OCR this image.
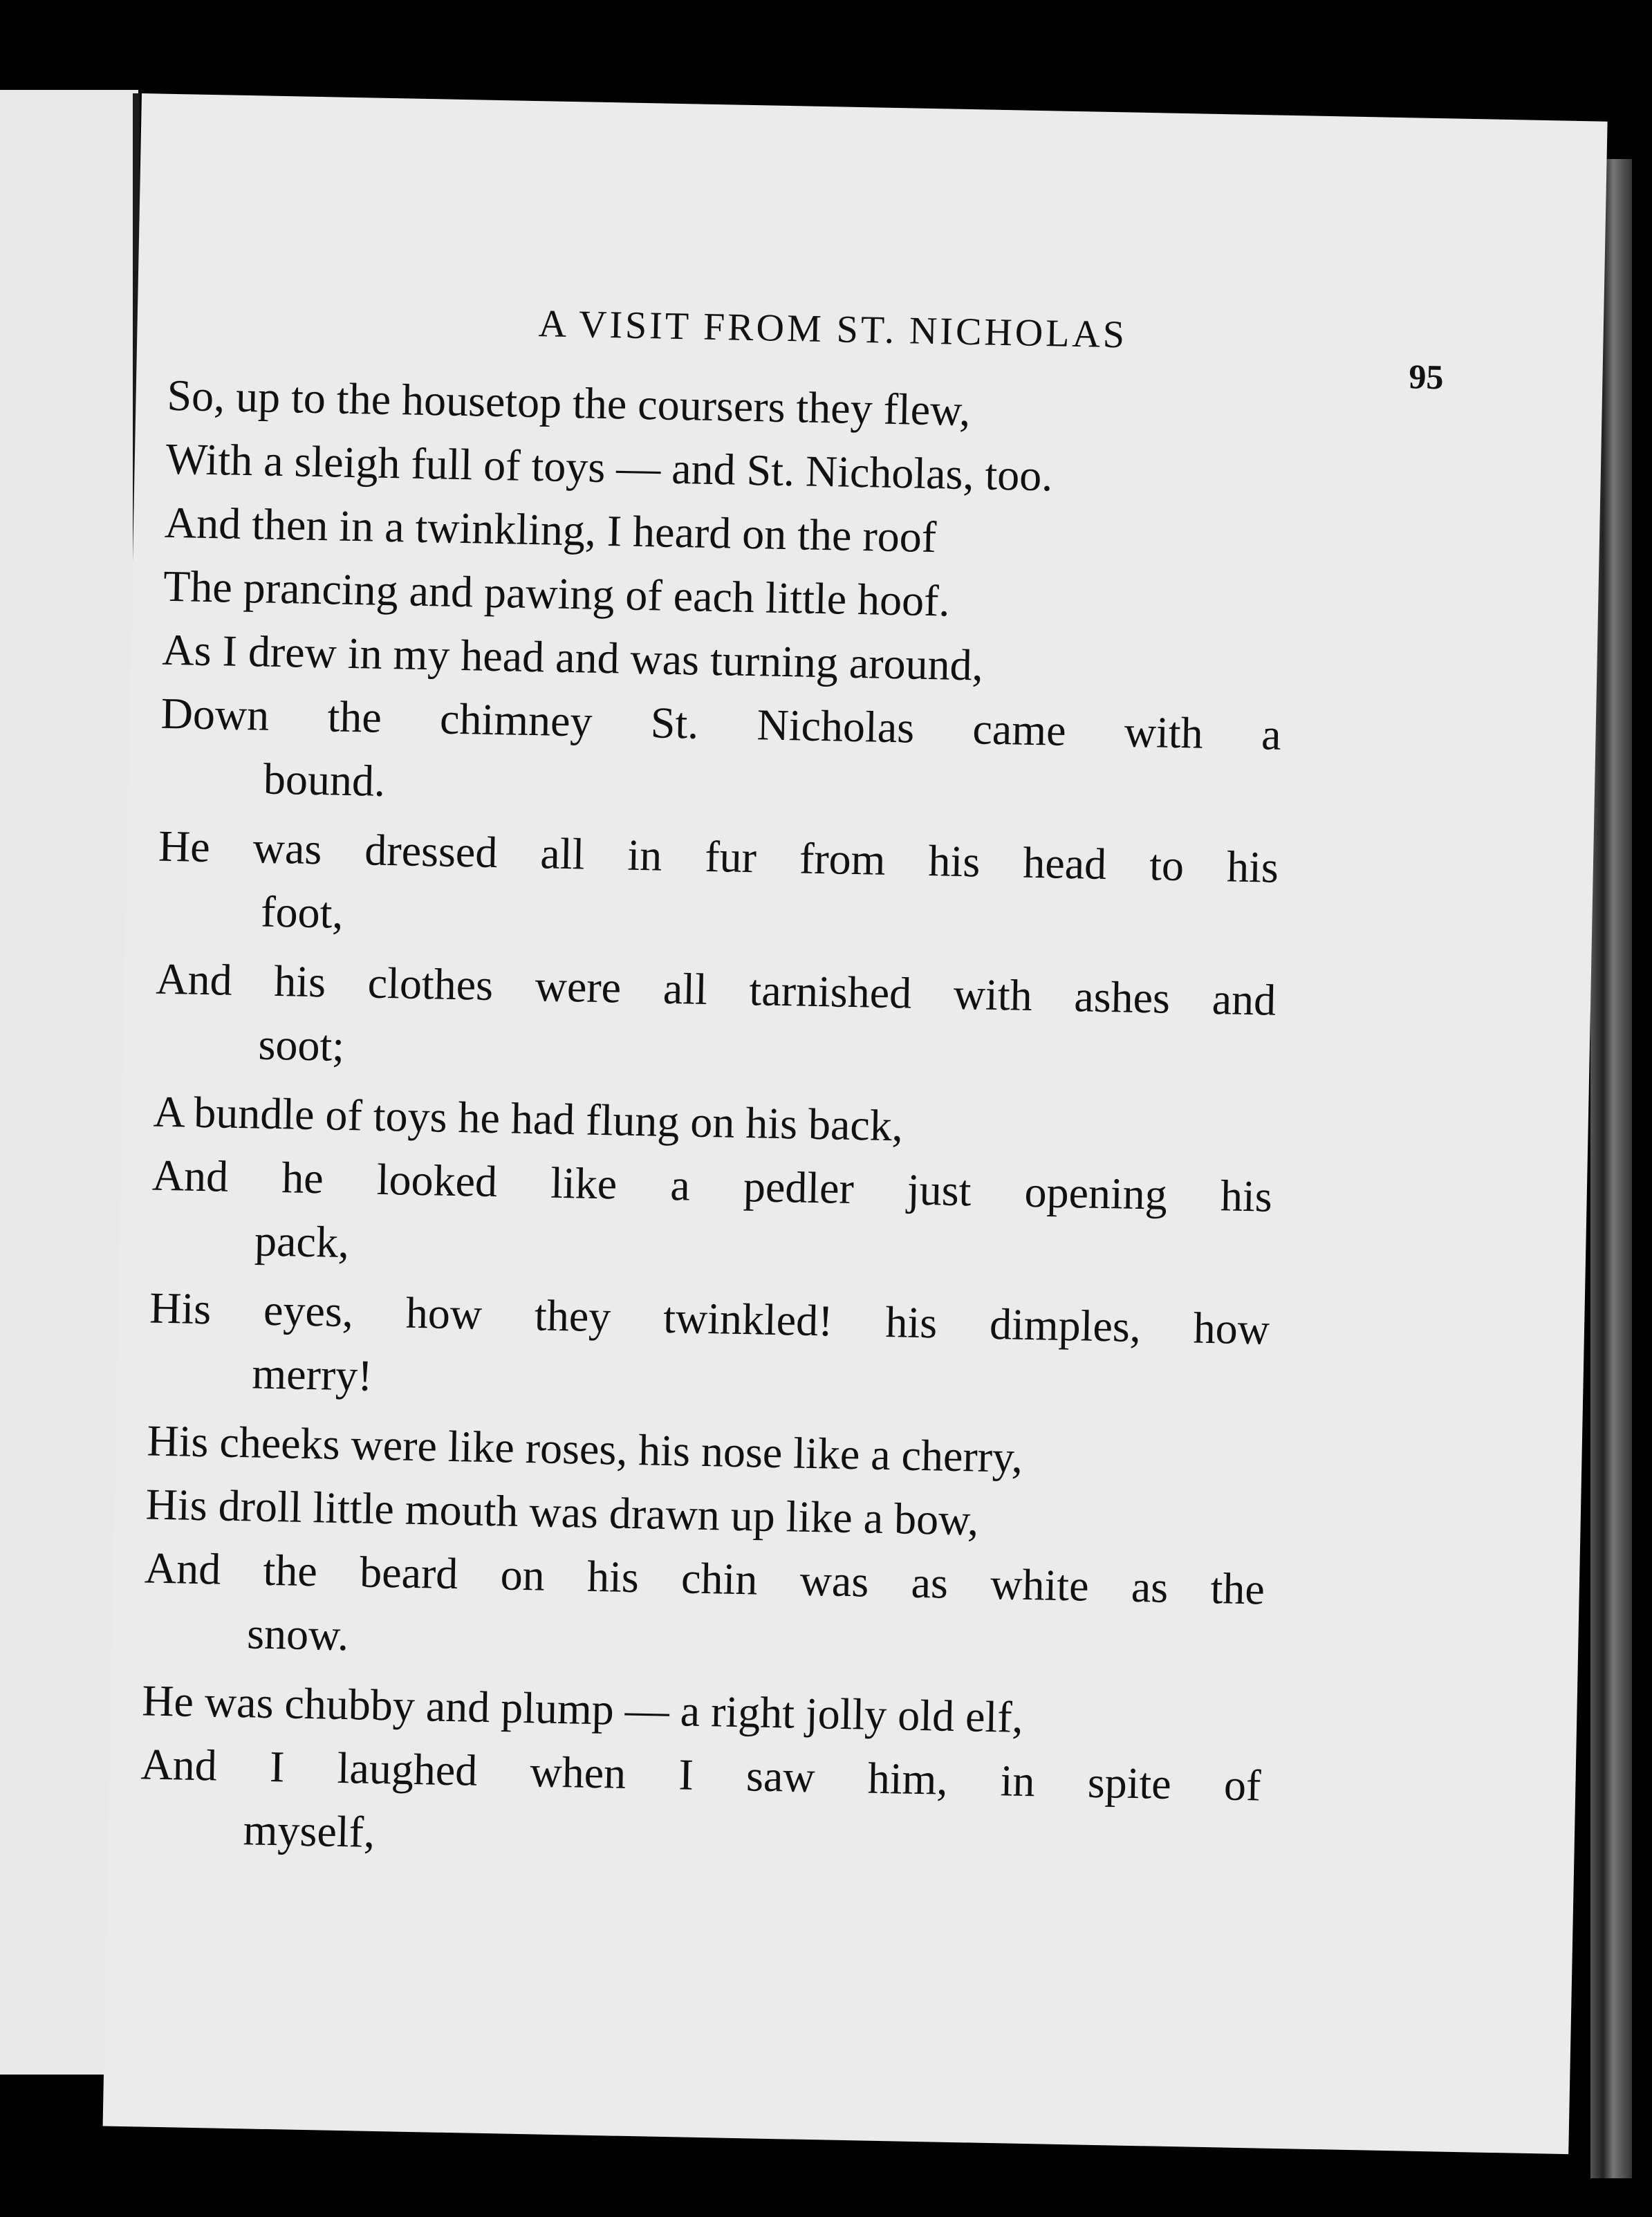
A VISIT FROM ST. NICHOLAS
95
So, up to the housetop the coursers they flew,
With a sleigh full of toys — and St. Nicholas, too.
And then in a twinkling, I heard on the roof
The prancing and pawing of each little hoof.
As I drew in my head and was turning around,
Down the chimney St. Nicholas came with a
bound.
He was dressed all in fur from his head to his
foot,
And his clothes were all tarnished with ashes and
soot;
A bundle of toys he had flung on his back,
And he looked like a pedler just opening his
pack,
His eyes, how they twinkled! his dimples, how
merry!
His cheeks were like roses, his nose like a cherry,
His droll little mouth was drawn up like a bow,
And the beard on his chin was as white as the
snow.
He was chubby and plump — a right jolly old elf,
And I laughed when I saw him, in spite of
myself,
